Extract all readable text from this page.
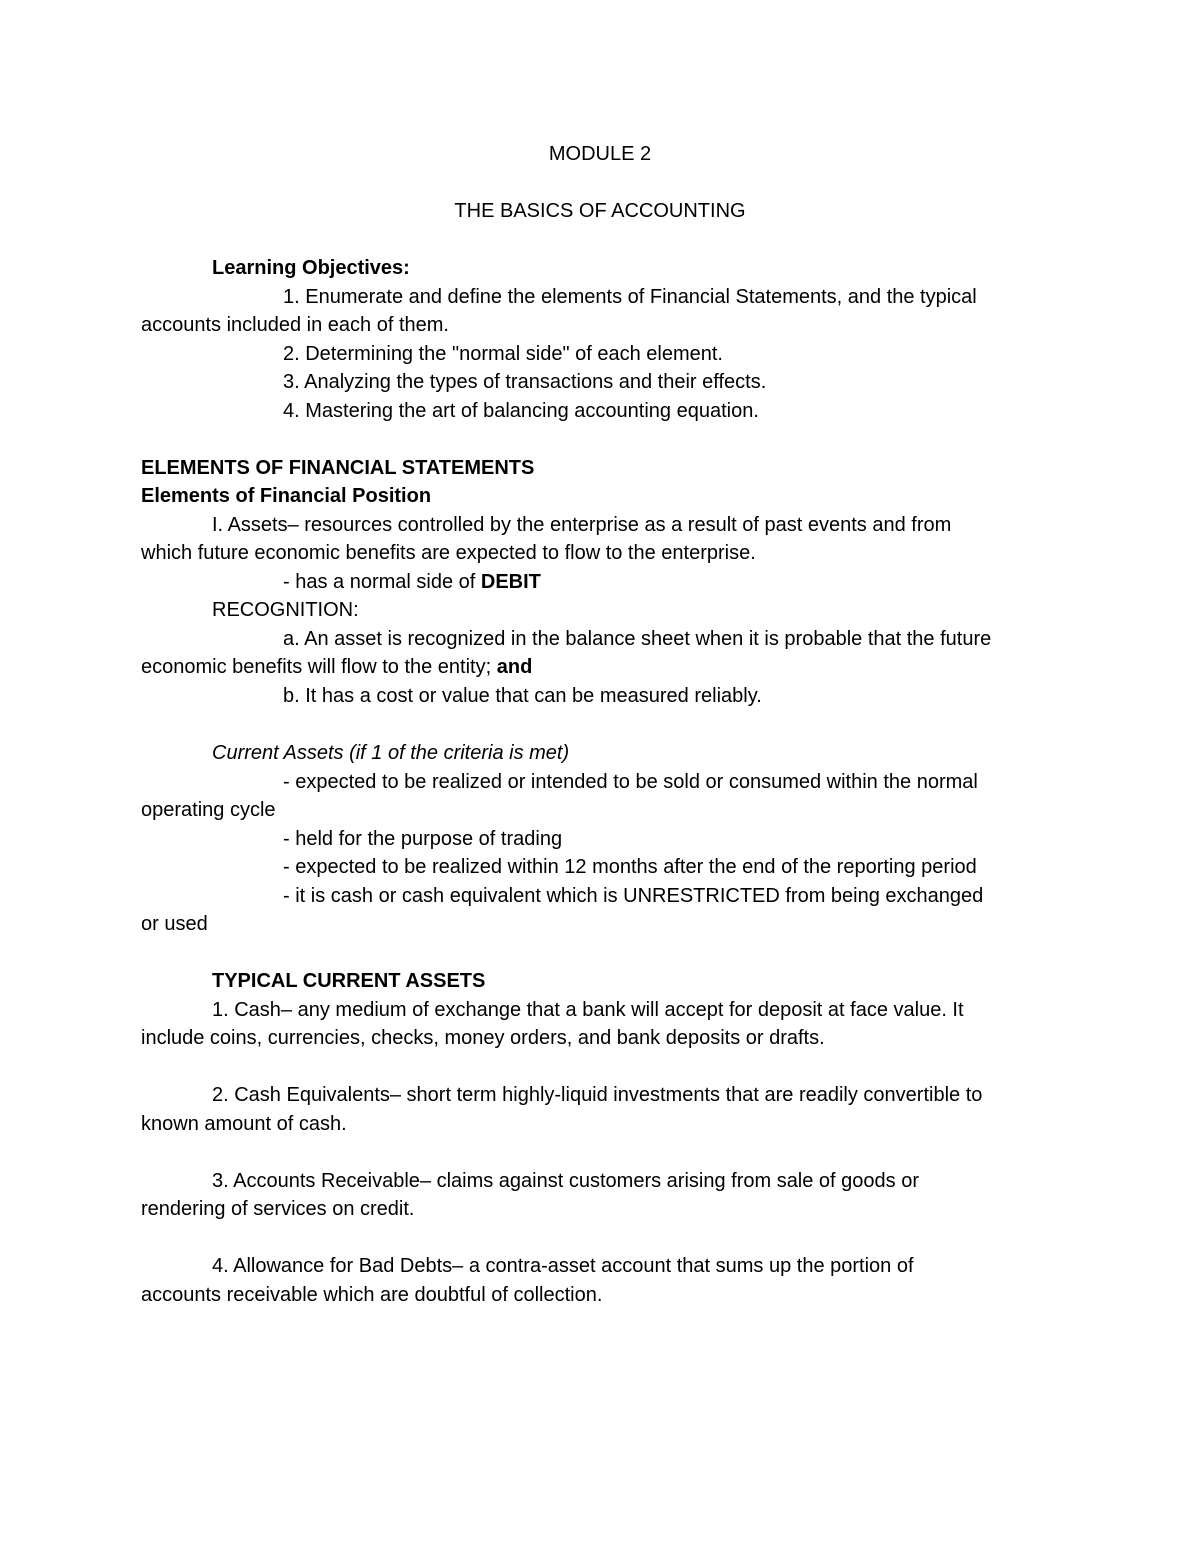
MODULE 2
THE BASICS OF ACCOUNTING
Learning Objectives:
1. Enumerate and define the elements of Financial Statements, and the typical
accounts included in each of them.
2. Determining the "normal side" of each element.
3. Analyzing the types of transactions and their effects.
4. Mastering the art of balancing accounting equation.
ELEMENTS OF FINANCIAL STATEMENTS
Elements of Financial Position
I. Assets– resources controlled by the enterprise as a result of past events and from
which future economic benefits are expected to flow to the enterprise.
- has a normal side of DEBIT
RECOGNITION:
a. An asset is recognized in the balance sheet when it is probable that the future
economic benefits will flow to the entity; and
b. It has a cost or value that can be measured reliably.
Current Assets (if 1 of the criteria is met)
- expected to be realized or intended to be sold or consumed within the normal
operating cycle
- held for the purpose of trading
- expected to be realized within 12 months after the end of the reporting period
- it is cash or cash equivalent which is UNRESTRICTED from being exchanged
or used
TYPICAL CURRENT ASSETS
1. Cash– any medium of exchange that a bank will accept for deposit at face value. It
include coins, currencies, checks, money orders, and bank deposits or drafts.
2. Cash Equivalents– short term highly-liquid investments that are readily convertible to
known amount of cash.
3. Accounts Receivable– claims against customers arising from sale of goods or
rendering of services on credit.
4. Allowance for Bad Debts– a contra-asset account that sums up the portion of
accounts receivable which are doubtful of collection.
